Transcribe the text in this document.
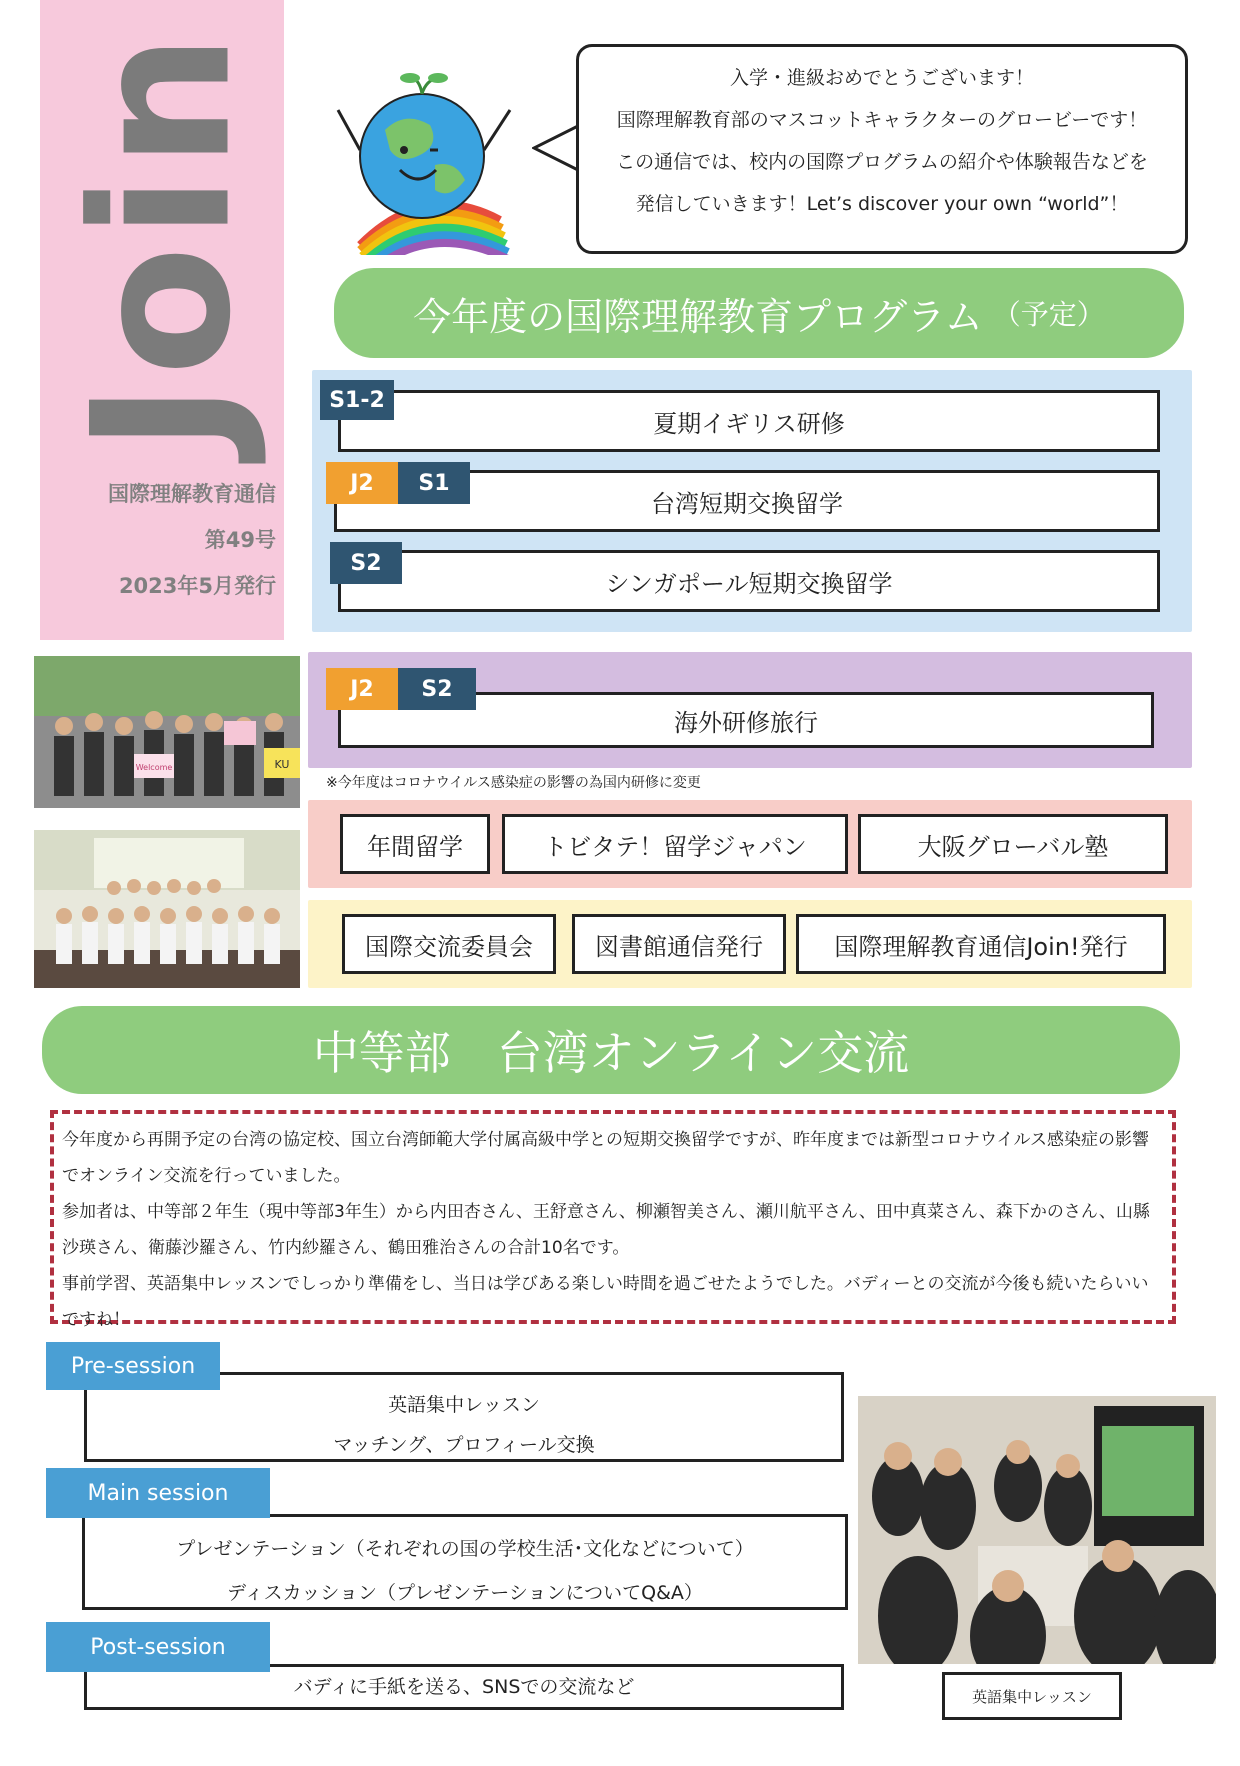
Join
国際理解教育通信
第49号
2023年5月発行

入学・進級おめでとうございます！

国際理解教育部のマスコットキャラクターのグロービーです！

この通信では、校内の国際プログラムの紹介や体験報告などを

発信していきます！Let’s discover your own “world”！

今年度の国際理解教育プログラム （予定）
夏期イギリス研修
S1-2
台湾短期交換留学
J2	S1
シンガポール短期交換留学
S2
KU
Welcome
海外研修旅行
J2	S2
※今年度はコロナウイルス感染症の影響の為国内研修に変更
年間留学	トビタテ！留学ジャパン	大阪グローバル塾
国際交流委員会	図書館通信発行	国際理解教育通信Join!発行
中等部　台湾オンライン交流
今年度から再開予定の台湾の協定校、国立台湾師範大学付属高級中学との短期交換留学ですが、昨年度までは新型コロナウイルス感染症の影響でオンライン交流を行っていました。
参加者は、中等部２年生（現中等部3年生）から内田杏さん、王舒意さん、柳瀬智美さん、瀬川航平さん、田中真菜さん、森下かのさん、山縣沙瑛さん、衛藤沙羅さん、竹内紗羅さん、鶴田雅治さんの合計10名です。
事前学習、英語集中レッスンでしっかり準備をし、当日は学びある楽しい時間を過ごせたようでした。バディーとの交流が今後も続いたらいいですね！

英語集中レッスン

マッチング、プロフィール交換

Pre-session

プレゼンテーション（それぞれの国の学校生活･文化などについて）

ディスカッション（プレゼンテーションについてQ&A）

Main session

バディに手紙を送る、SNSでの交流など

Post-session
英語集中レッスン
